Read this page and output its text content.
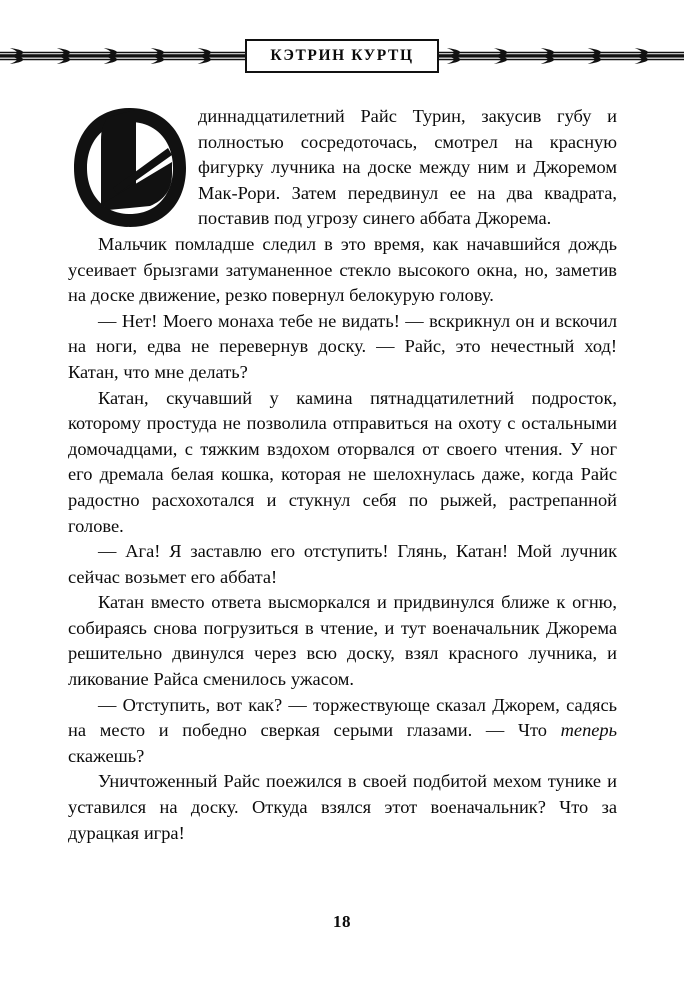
КЭТРИН КУРТЦ

диннадцатилетний Райс Турин, закусив губу и полностью сосредоточась, смотрел на красную фигурку лучника на доске между ним и Джоремом Мак-Рори. Затем передвинул ее на два квадрата, поставив под угрозу синего аббата Джорема.

Мальчик помладше следил в это время, как начавшийся дождь усеивает брызгами затуманенное стекло высокого окна, но, заметив на доске движение, резко повернул белокурую голову.

— Нет! Моего монаха тебе не видать! — вскрикнул он и вскочил на ноги, едва не перевернув доску. — Райс, это нечестный ход! Катан, что мне делать?

Катан, скучавший у камина пятнадцатилетний подросток, которому простуда не позволила отправиться на охоту с остальными домочадцами, с тяжким вздохом оторвался от своего чтения. У ног его дремала белая кошка, которая не шелохнулась даже, когда Райс радостно расхохотался и стукнул себя по рыжей, растрепанной голове.

— Ага! Я заставлю его отступить! Глянь, Катан! Мой лучник сейчас возьмет его аббата!

Катан вместо ответа высморкался и придвинулся ближе к огню, собираясь снова погрузиться в чтение, и тут военачальник Джорема решительно двинулся через всю доску, взял красного лучника, и ликование Райса сменилось ужасом.

— Отступить, вот как? — торжествующе сказал Джорем, садясь на место и победно сверкая серыми глазами. — Что теперь скажешь?

Уничтоженный Райс поежился в своей подбитой мехом тунике и уставился на доску. Откуда взялся этот военачальник? Что за дурацкая игра!

18
